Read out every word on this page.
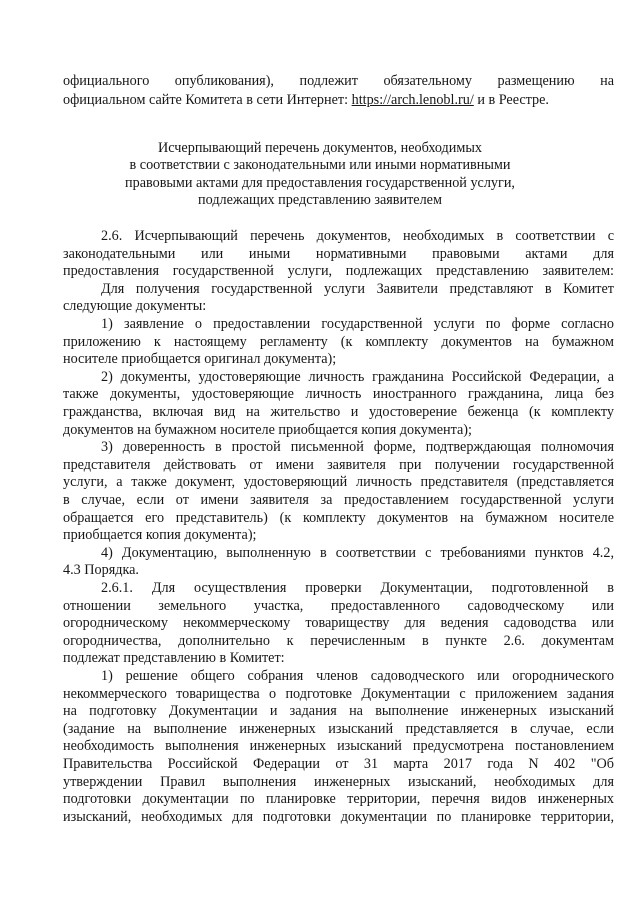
официального опубликования), подлежит обязательному размещению на
официальном сайте Комитета в сети Интернет: https://arch.lenobl.ru/ и в Реестре.
Исчерпывающий перечень документов, необходимых
в соответствии с законодательными или иными нормативными
правовыми актами для предоставления государственной услуги,
подлежащих представлению заявителем
2.6. Исчерпывающий перечень документов, необходимых в соответствии с
законодательными или иными нормативными правовыми актами для
предоставления государственной услуги, подлежащих представлению заявителем:
Для получения государственной услуги Заявители представляют в Комитет
следующие документы:
1) заявление о предоставлении государственной услуги по форме согласно
приложению к настоящему регламенту (к комплекту документов на бумажном
носителе приобщается оригинал документа);
2) документы, удостоверяющие личность гражданина Российской Федерации, а
также документы, удостоверяющие личность иностранного гражданина, лица без
гражданства, включая вид на жительство и удостоверение беженца (к комплекту
документов на бумажном носителе приобщается копия документа);
3) доверенность в простой письменной форме, подтверждающая полномочия
представителя действовать от имени заявителя при получении государственной
услуги, а также документ, удостоверяющий личность представителя (представляется
в случае, если от имени заявителя за предоставлением государственной услуги
обращается его представитель) (к комплекту документов на бумажном носителе
приобщается копия документа);
4) Документацию, выполненную в соответствии с требованиями пунктов 4.2,
4.3 Порядка.
2.6.1. Для осуществления проверки Документации, подготовленной в
отношении земельного участка, предоставленного садоводческому или
огородническому некоммерческому товариществу для ведения садоводства или
огородничества, дополнительно к перечисленным в пункте 2.6. документам
подлежат представлению в Комитет:
1) решение общего собрания членов садоводческого или огороднического
некоммерческого товарищества о подготовке Документации с приложением задания
на подготовку Документации и задания на выполнение инженерных изысканий
(задание на выполнение инженерных изысканий представляется в случае, если
необходимость выполнения инженерных изысканий предусмотрена постановлением
Правительства Российской Федерации от 31 марта 2017 года N 402 "Об
утверждении Правил выполнения инженерных изысканий, необходимых для
подготовки документации по планировке территории, перечня видов инженерных
изысканий, необходимых для подготовки документации по планировке территории,
